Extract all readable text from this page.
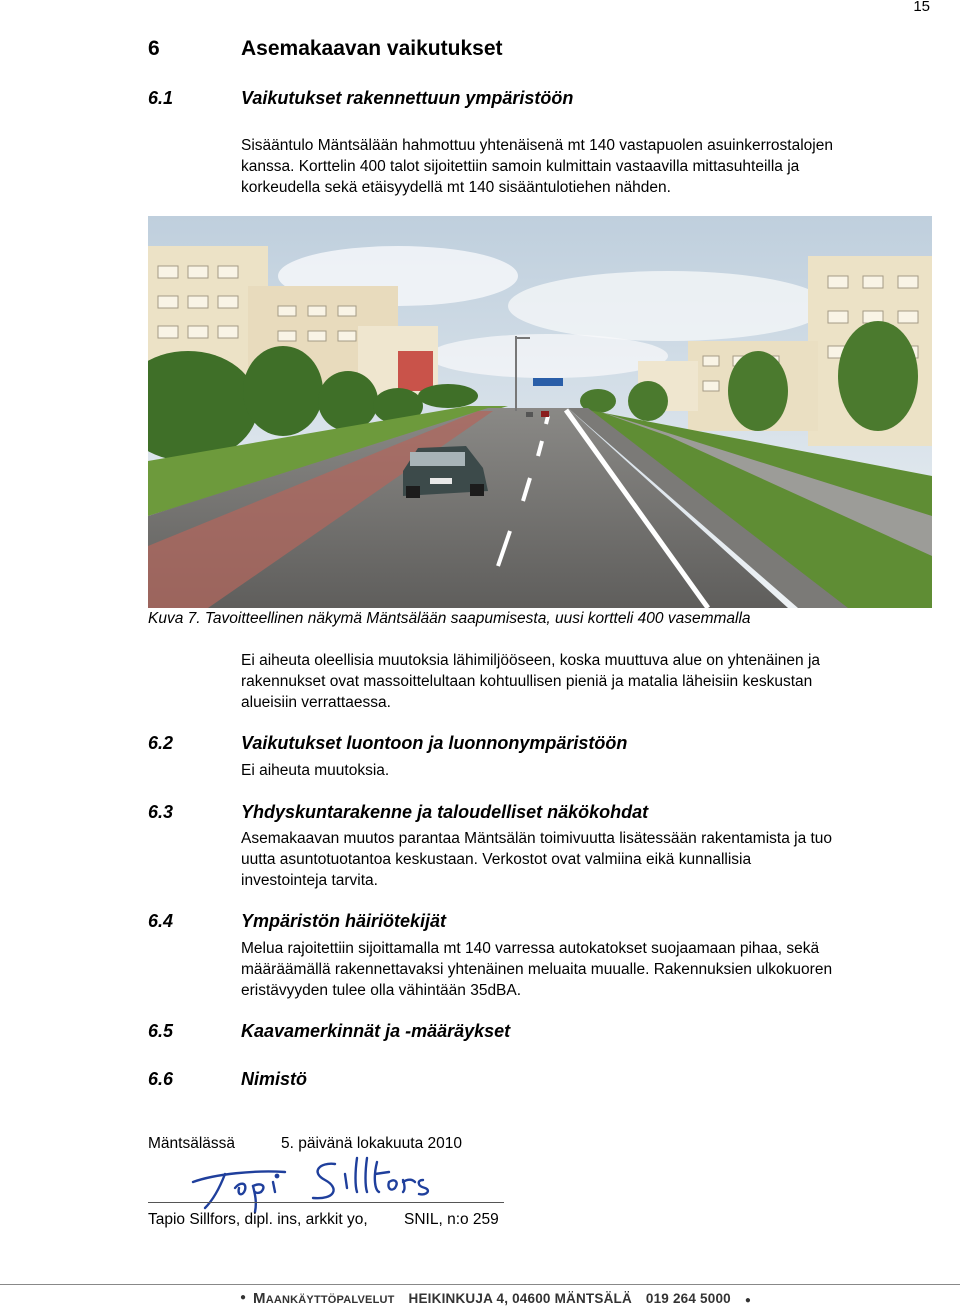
15
6	Asemakaavan vaikutukset
6.1	Vaikutukset rakennettuun ympäristöön
Sisääntulo Mäntsälään hahmottuu yhtenäisenä mt 140 vastapuolen asuinkerrostalojen
kanssa. Korttelin 400 talot sijoitettiin samoin kulmittain vastaavilla mittasuhteilla ja
korkeudella sekä etäisyydellä mt 140 sisääntulotiehen nähden.
Kuva 7. Tavoitteellinen näkymä Mäntsälään saapumisesta, uusi kortteli 400 vasemmalla
Ei aiheuta oleellisia muutoksia lähimiljööseen, koska muuttuva alue on yhtenäinen ja
rakennukset ovat massoittelultaan kohtuullisen pieniä ja matalia läheisiin keskustan
alueisiin verrattaessa.
6.2	Vaikutukset luontoon ja luonnonympäristöön
Ei aiheuta muutoksia.
6.3	Yhdyskuntarakenne ja taloudelliset näkökohdat
Asemakaavan muutos parantaa Mäntsälän toimivuutta lisätessään rakentamista ja tuo
uutta asuntotuotantoa keskustaan. Verkostot ovat valmiina eikä kunnallisia
investointeja tarvita.
6.4	Ympäristön häiriötekijät
Melua rajoitettiin sijoittamalla mt 140 varressa autokatokset suojaamaan pihaa, sekä
määräämällä rakennettavaksi yhtenäinen meluaita muualle. Rakennuksien ulkokuoren
eristävyyden tulee olla vähintään 35dBA.
6.5	Kaavamerkinnät ja -määräykset
6.6	Nimistö
Mäntsälässä	5. päivänä lokakuuta 2010
Tapio Sillfors, dipl. ins, arkkit yo, SNIL, n:o 259
● Maankäyttöpalvelut HEIKINKUJA 4, 04600 MÄNTSÄLÄ 019 264 5000 ●
